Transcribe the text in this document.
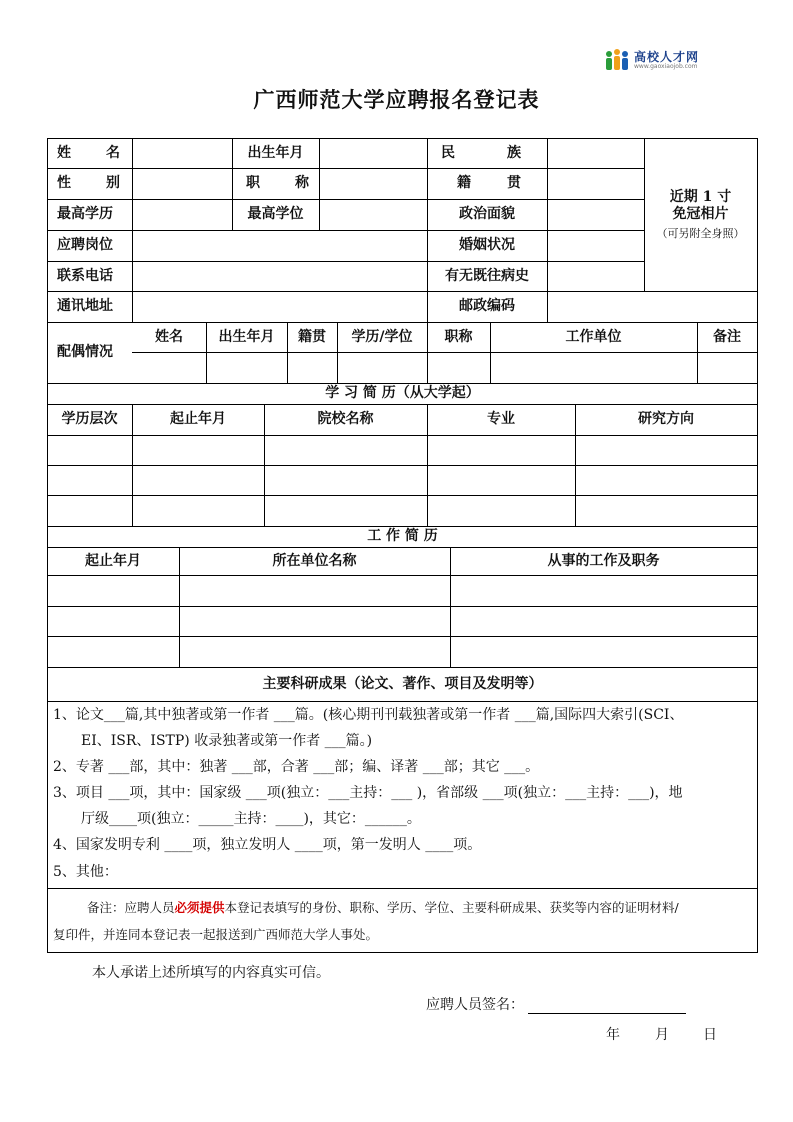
高校人才网
www.gaoxiaojob.com
广西师范大学应聘报名登记表
姓	名	出生年月	民	族
性	别	职	称	籍	贯
最高学历	最高学位	政治面貌
应聘岗位	婚姻状况
联系电话	有无既往病史
通讯地址	邮政编码
近期 1 寸
免冠相片
（可另附全身照）
配偶情况
姓名	出生年月	籍贯	学历/学位	职称	工作单位	备注
学 习 简 历（从大学起）
学历层次	起止年月	院校名称	专业	研究方向
工 作 简 历
起止年月	所在单位名称	从事的工作及职务
主要科研成果（论文、著作、项目及发明等）
1、论文___篇,其中独著或第一作者 ___篇。(核心期刊刊载独著或第一作者 ___篇,国际四大索引(SCI、
EI、ISR、ISTP) 收录独著或第一作者 ___篇。)
2、专著 ___部，其中：独著 ___部，合著 ___部；编、译著 ___部；其它 ___。
3、项目 ___项，其中：国家级 ___项(独立：___主持：___ )，省部级 ___项(独立：___主持：___)，地
厅级____项(独立：_____主持：____)，其它：______。
4、国家发明专利 ____项，独立发明人 ____项，第一发明人 ____项。
5、其他：
备注：应聘人员必须提供本登记表填写的身份、职称、学历、学位、主要科研成果、获奖等内容的证明材料/
复印件，并连同本登记表一起报送到广西师范大学人事处。
本人承诺上述所填写的内容真实可信。
应聘人员签名：
年	月 日
